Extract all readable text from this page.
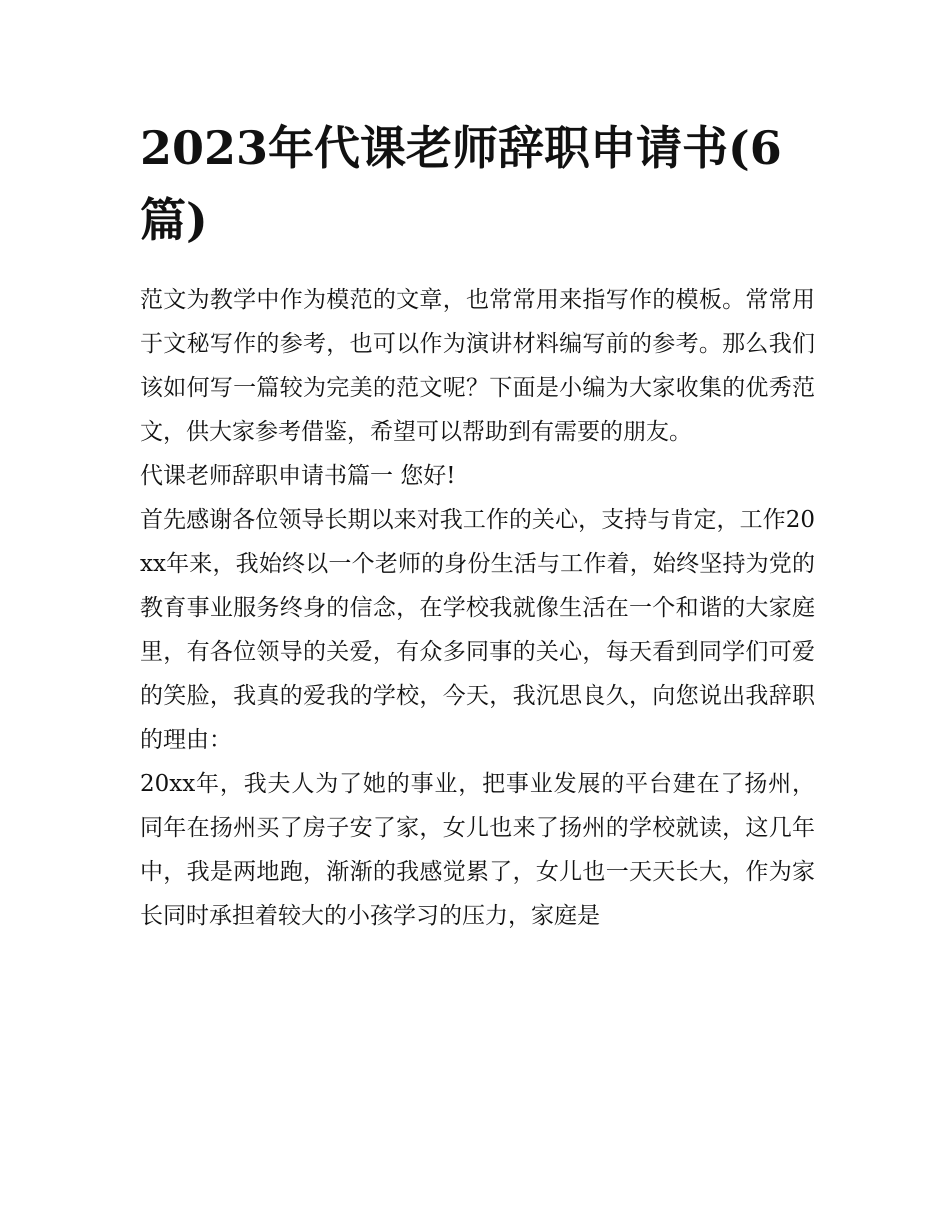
2023年代课老师辞职申请书(6篇)

范文为教学中作为模范的文章，也常常用来指写作的模板。常常用于文秘写作的参考，也可以作为演讲材料编写前的参考。那么我们该如何写一篇较为完美的范文呢？下面是小编为大家收集的优秀范文，供大家参考借鉴，希望可以帮助到有需要的朋友。

代课老师辞职申请书篇一 您好!

首先感谢各位领导长期以来对我工作的关心，支持与肯定，工作20xx年来，我始终以一个老师的身份生活与工作着，始终坚持为党的教育事业服务终身的信念，在学校我就像生活在一个和谐的大家庭里，有各位领导的关爱，有众多同事的关心，每天看到同学们可爱的笑脸，我真的爱我的学校，今天，我沉思良久，向您说出我辞职的理由：

20xx年，我夫人为了她的事业，把事业发展的平台建在了扬州，同年在扬州买了房子安了家，女儿也来了扬州的学校就读，这几年中，我是两地跑，渐渐的我感觉累了，女儿也一天天长大，作为家长同时承担着较大的小孩学习的压力，家庭是
